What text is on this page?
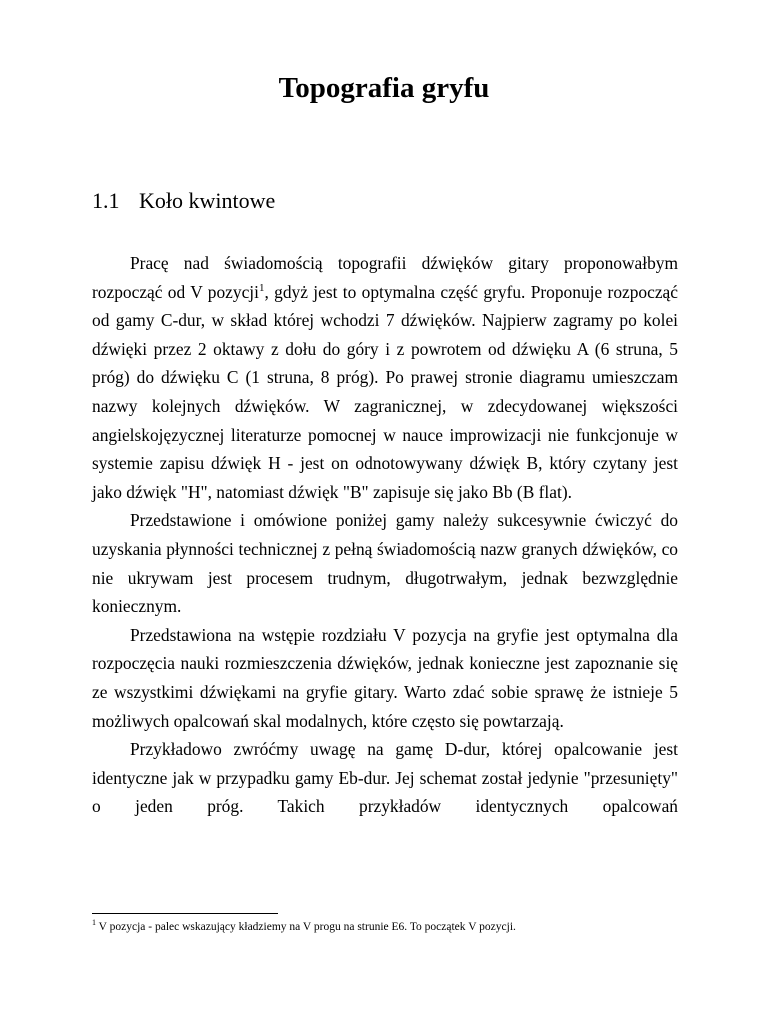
Topografia gryfu
1.1 Koło kwintowe

Pracę nad świadomością topografii dźwięków gitary proponowałbym rozpocząć od V pozycji$^1$, gdyż jest to optymalna część gryfu. Proponuje rozpocząć od gamy C-dur, w skład której wchodzi 7 dźwięków. Najpierw zagramy po kolei dźwięki przez 2 oktawy z dołu do góry i z powrotem od dźwięku A (6 struna, 5 próg) do dźwięku C (1 struna, 8 próg). Po prawej stronie diagramu umieszczam nazwy kolejnych dźwięków. W zagranicznej, w zdecydowanej większości angielskojęzycznej literaturze pomocnej w nauce improwizacji nie funkcjonuje w systemie zapisu dźwięk H - jest on odnotowywany dźwięk B, który czytany jest jako dźwięk "H", natomiast dźwięk "B" zapisuje się jako Bb (B flat).

Przedstawione i omówione poniżej gamy należy sukcesywnie ćwiczyć do uzyskania płynności technicznej z pełną świadomością nazw granych dźwięków, co nie ukrywam jest procesem trudnym, długotrwałym, jednak bezwzględnie koniecznym.

Przedstawiona na wstępie rozdziału V pozycja na gryfie jest optymalna dla rozpoczęcia nauki rozmieszczenia dźwięków, jednak konieczne jest zapoznanie się ze wszystkimi dźwiękami na gryfie gitary. Warto zdać sobie sprawę że istnieje 5 możliwych opalcowań skal modalnych, które często się powtarzają.

Przykładowo zwróćmy uwagę na gamę D-dur, której opalcowanie jest identyczne jak w przypadku gamy Eb-dur. Jej schemat został jedynie "przesunięty" o jeden próg. Takich przykładów identycznych opalcowań

$^1$ V pozycja - palec wskazujący kładziemy na V progu na strunie E6. To początek V pozycji.
